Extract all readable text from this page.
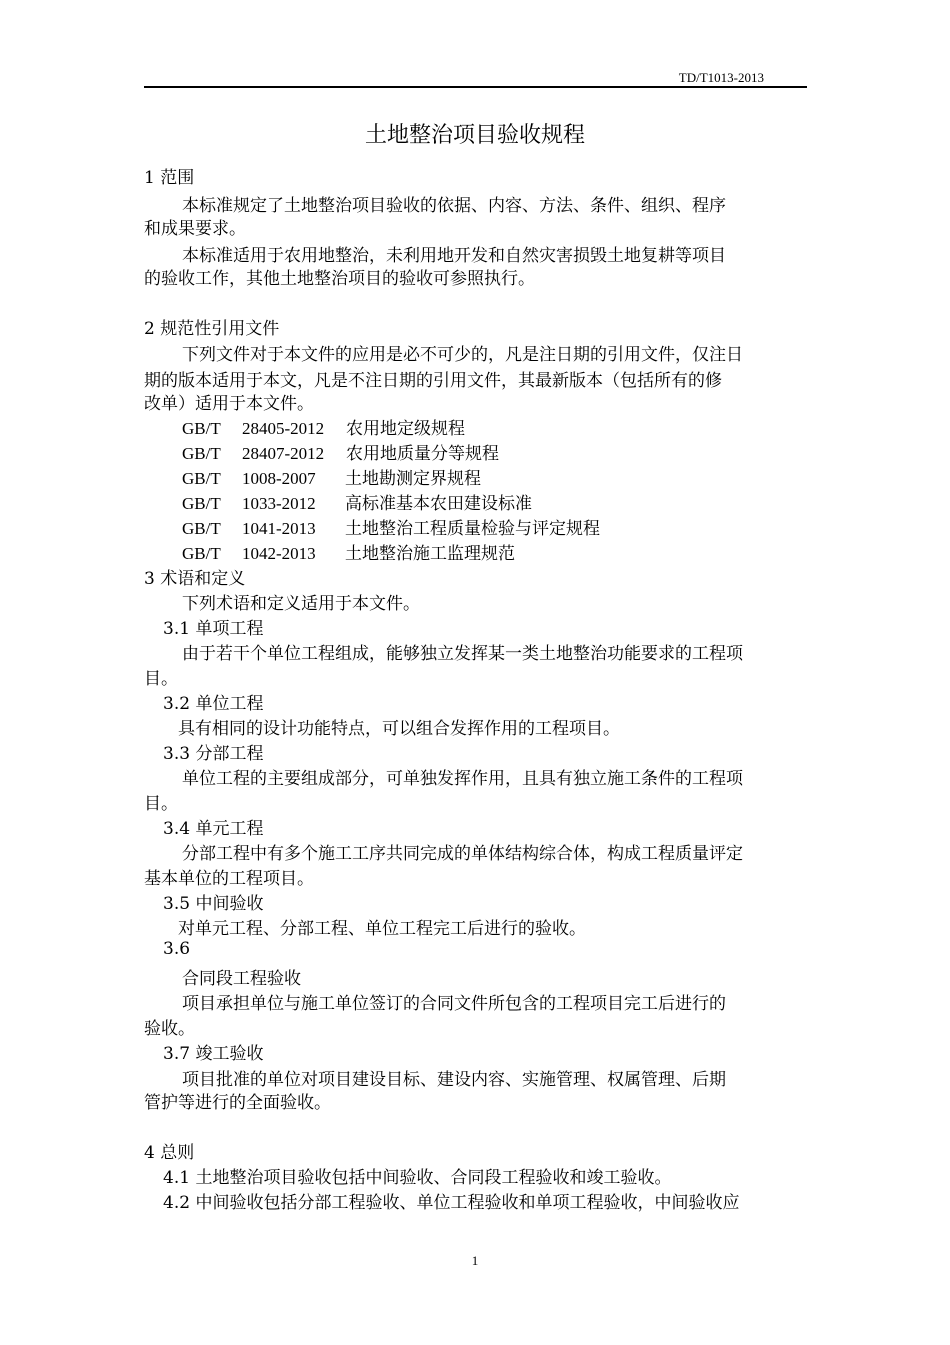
TD/T1013-2013
土地整治项目验收规程
1 范围
本标准规定了土地整治项目验收的依据、内容、方法、条件、组织、程序
和成果要求。
本标准适用于农用地整治，未利用地开发和自然灾害损毁土地复耕等项目
的验收工作，其他土地整治项目的验收可参照执行。
2 规范性引用文件
下列文件对于本文件的应用是必不可少的，凡是注日期的引用文件，仅注日
期的版本适用于本文，凡是不注日期的引用文件，其最新版本（包括所有的修
改单）适用于本文件。
GB/T 28405-2012 农用地定级规程
GB/T 28407-2012 农用地质量分等规程
GB/T 1008-2007 土地勘测定界规程
GB/T 1033-2012 高标准基本农田建设标准
GB/T 1041-2013 土地整治工程质量检验与评定规程
GB/T 1042-2013 土地整治施工监理规范
3 术语和定义
下列术语和定义适用于本文件。
3.1 单项工程
由于若干个单位工程组成，能够独立发挥某一类土地整治功能要求的工程项
目。
3.2 单位工程
具有相同的设计功能特点，可以组合发挥作用的工程项目。
3.3 分部工程
单位工程的主要组成部分，可单独发挥作用，且具有独立施工条件的工程项
目。
3.4 单元工程
分部工程中有多个施工工序共同完成的单体结构综合体，构成工程质量评定
基本单位的工程项目。
3.5 中间验收
对单元工程、分部工程、单位工程完工后进行的验收。
3.6
合同段工程验收
项目承担单位与施工单位签订的合同文件所包含的工程项目完工后进行的
验收。
3.7 竣工验收
项目批准的单位对项目建设目标、建设内容、实施管理、权属管理、后期
管护等进行的全面验收。
4 总则
4.1 土地整治项目验收包括中间验收、合同段工程验收和竣工验收。
4.2 中间验收包括分部工程验收、单位工程验收和单项工程验收，中间验收应
1
